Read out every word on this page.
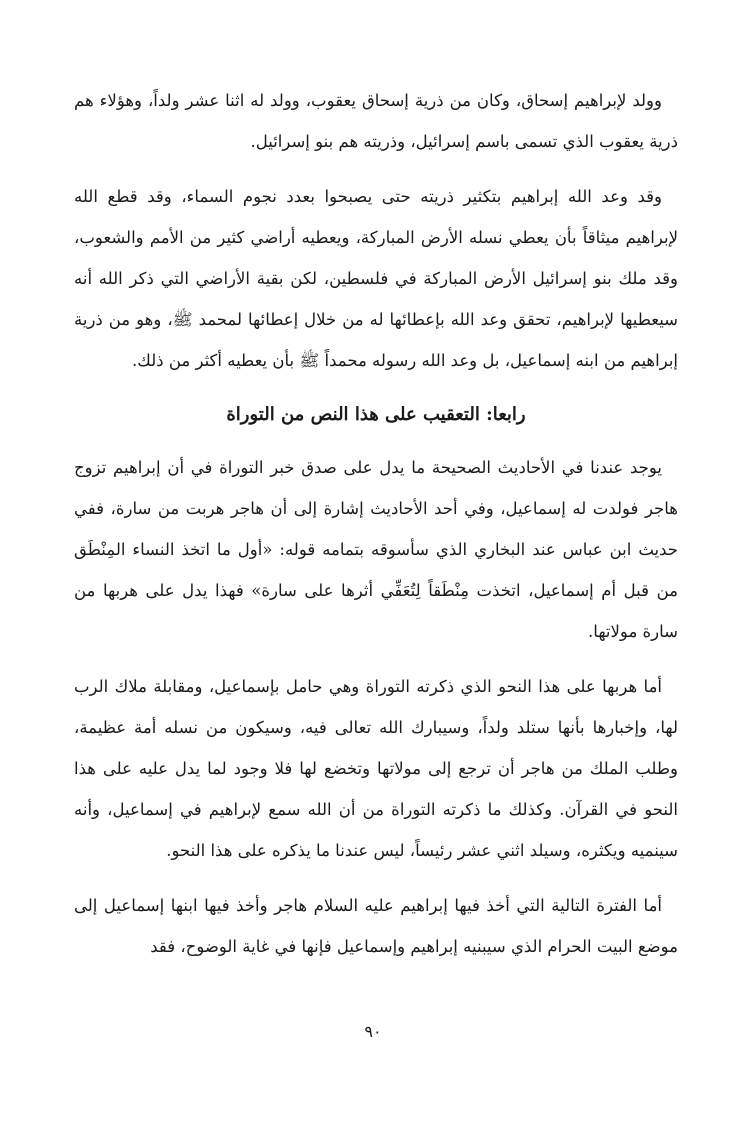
وولد لإبراهيم إسحاق، وكان من ذرية إسحاق يعقوب، وولد له اثنا عشر ولداً، وهؤلاء هم ذرية يعقوب الذي تسمى باسم إسرائيل، وذريته هم بنو إسرائيل.

وقد وعد الله إبراهيم بتكثير ذريته حتى يصبحوا بعدد نجوم السماء، وقد قطع الله لإبراهيم ميثاقاً بأن يعطي نسله الأرض المباركة، ويعطيه أراضي كثير من الأمم والشعوب، وقد ملك بنو إسرائيل الأرض المباركة في فلسطين، لكن بقية الأراضي التي ذكر الله أنه سيعطيها لإبراهيم، تحقق وعد الله بإعطائها له من خلال إعطائها لمحمد ﷺ، وهو من ذرية إبراهيم من ابنه إسماعيل، بل وعد الله رسوله محمداً ﷺ بأن يعطيه أكثر من ذلك.

رابعا: التعقيب على هذا النص من التوراة

يوجد عندنا في الأحاديث الصحيحة ما يدل على صدق خبر التوراة في أن إبراهيم تزوج هاجر فولدت له إسماعيل، وفي أحد الأحاديث إشارة إلى أن هاجر هربت من سارة، ففي حديث ابن عباس عند البخاري الذي سأسوقه بتمامه قوله: «أول ما اتخذ النساء المِنْطَق من قبل أم إسماعيل، اتخذت مِنْطَقاً لِتُعَفِّي أثرها على سارة» فهذا يدل على هربها من سارة مولاتها.

أما هربها على هذا النحو الذي ذكرته التوراة وهي حامل بإسماعيل، ومقابلة ملاك الرب لها، وإخبارها بأنها ستلد ولداً، وسيبارك الله تعالى فيه، وسيكون من نسله أمة عظيمة، وطلب الملك من هاجر أن ترجع إلى مولاتها وتخضع لها فلا وجود لما يدل عليه على هذا النحو في القرآن. وكذلك ما ذكرته التوراة من أن الله سمع لإبراهيم في إسماعيل، وأنه سينميه ويكثره، وسيلد اثني عشر رئيساً، ليس عندنا ما يذكره على هذا النحو.

أما الفترة التالية التي أخذ فيها إبراهيم عليه السلام هاجر وأخذ فيها ابنها إسماعيل إلى موضع البيت الحرام الذي سيبنيه إبراهيم وإسماعيل فإنها في غاية الوضوح، فقد

٩٠
